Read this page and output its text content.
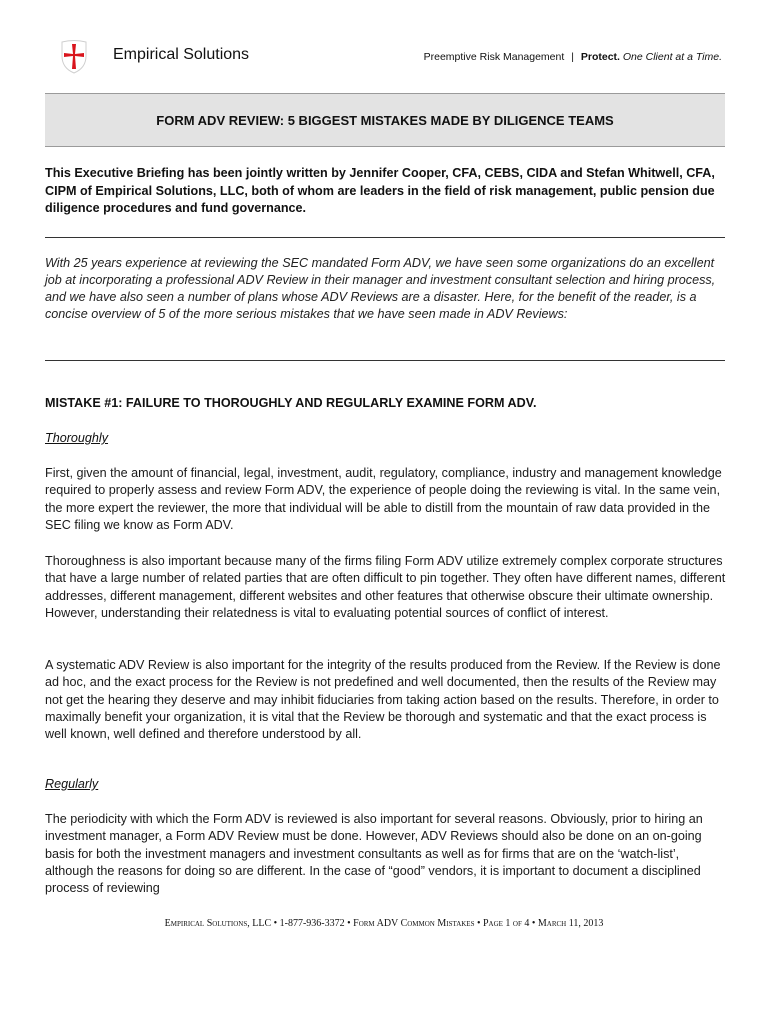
Empirical Solutions	Preemptive Risk Management | Protect. One Client at a Time.
FORM ADV REVIEW: 5 BIGGEST MISTAKES MADE BY DILIGENCE TEAMS
This Executive Briefing has been jointly written by Jennifer Cooper, CFA, CEBS, CIDA and Stefan Whitwell, CFA, CIPM of Empirical Solutions, LLC, both of whom are leaders in the field of risk management, public pension due diligence procedures and fund governance.
With 25 years experience at reviewing the SEC mandated Form ADV, we have seen some organizations do an excellent job at incorporating a professional ADV Review in their manager and investment consultant selection and hiring process, and we have also seen a number of plans whose ADV Reviews are a disaster. Here, for the benefit of the reader, is a concise overview of 5 of the more serious mistakes that we have seen made in ADV Reviews:
MISTAKE #1: FAILURE TO THOROUGHLY AND REGULARLY EXAMINE FORM ADV.
Thoroughly

First, given the amount of financial, legal, investment, audit, regulatory, compliance, industry and management knowledge required to properly assess and review Form ADV, the experience of people doing the reviewing is vital. In the same vein, the more expert the reviewer, the more that individual will be able to distill from the mountain of raw data provided in the SEC filing we know as Form ADV.

Thoroughness is also important because many of the firms filing Form ADV utilize extremely complex corporate structures that have a large number of related parties that are often difficult to pin together. They often have different names, different addresses, different management, different websites and other features that otherwise obscure their ultimate ownership. However, understanding their relatedness is vital to evaluating potential sources of conflict of interest.

A systematic ADV Review is also important for the integrity of the results produced from the Review. If the Review is done ad hoc, and the exact process for the Review is not predefined and well documented, then the results of the Review may not get the hearing they deserve and may inhibit fiduciaries from taking action based on the results. Therefore, in order to maximally benefit your organization, it is vital that the Review be thorough and systematic and that the exact process is well known, well defined and therefore understood by all.

Regularly

The periodicity with which the Form ADV is reviewed is also important for several reasons. Obviously, prior to hiring an investment manager, a Form ADV Review must be done. However, ADV Reviews should also be done on an on-going basis for both the investment managers and investment consultants as well as for firms that are on the ‘watch-list’, although the reasons for doing so are different. In the case of “good” vendors, it is important to document a disciplined process of reviewing

Empirical Solutions, LLC • 1-877-936-3372 • Form ADV Common Mistakes • Page 1 of 4 • March 11, 2013
